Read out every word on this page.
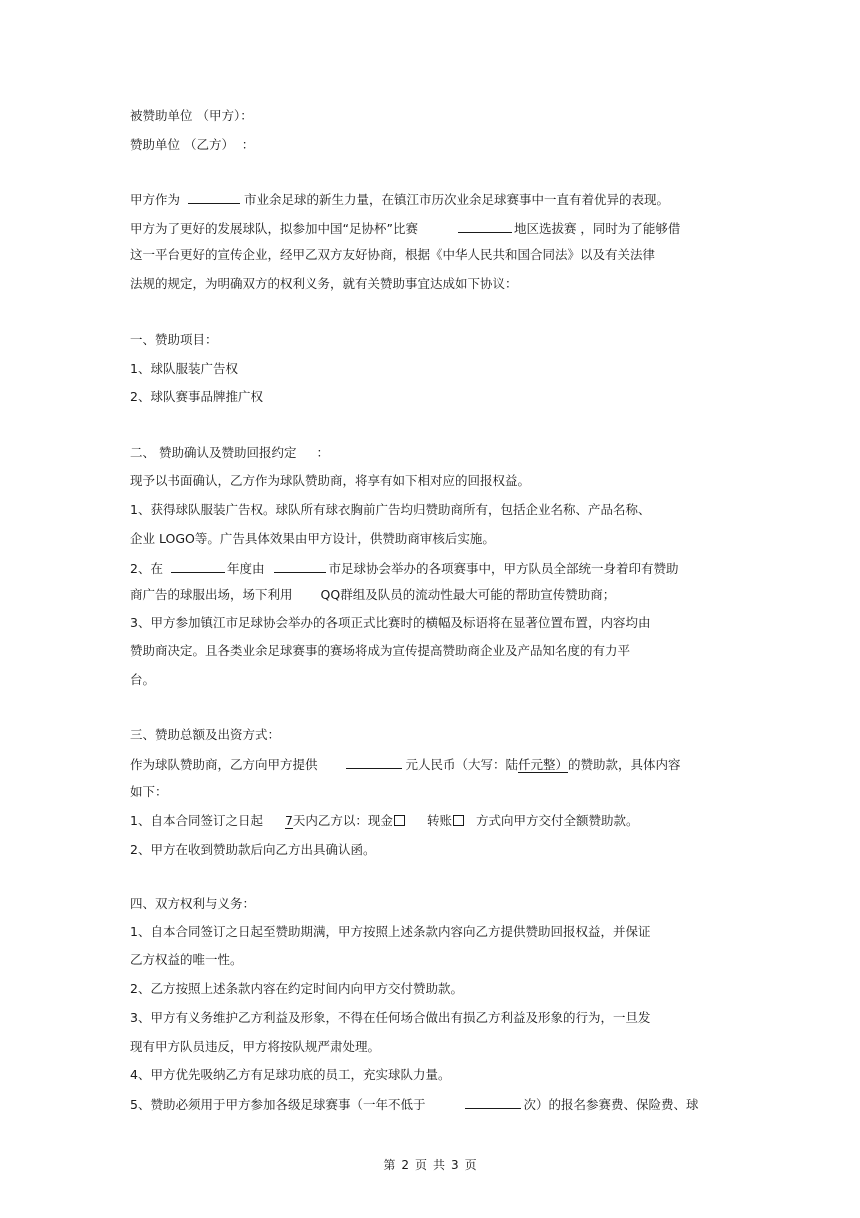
被赞助单位 （甲方）：
赞助单位 （乙方） ：
甲方作为	市业余足球的新生力量，在镇江市历次业余足球赛事中一直有着优异的表现。
甲方为了更好的发展球队，拟参加中国“足协杯”比赛	地区选拔赛 ，同时为了能够借
这一平台更好的宣传企业，经甲乙双方友好协商，根据《中华人民共和国合同法》以及有关法律
法规的规定，为明确双方的权利义务，就有关赞助事宜达成如下协议：
一、赞助项目：
1、球队服装广告权
2、球队赛事品牌推广权
二、 赞助确认及赞助回报约定 ：
现予以书面确认，乙方作为球队赞助商，将享有如下相对应的回报权益。
1、获得球队服装广告权。球队所有球衣胸前广告均归赞助商所有，包括企业名称、产品名称、
企业 LOGO等。广告具体效果由甲方设计，供赞助商审核后实施。
2、在	年度由	市足球协会举办的各项赛事中，甲方队员全部统一身着印有赞助
商广告的球服出场，场下利用 QQ群组及队员的流动性最大可能的帮助宣传赞助商；
3、甲方参加镇江市足球协会举办的各项正式比赛时的横幅及标语将在显著位置布置，内容均由
赞助商决定。且各类业余足球赛事的赛场将成为宣传提高赞助商企业及产品知名度的有力平
台。
三、赞助总额及出资方式：
作为球队赞助商，乙方向甲方提供	元人民币（大写：陆仟元整）的赞助款，具体内容
如下：
1、自本合同签订之日起 7天内乙方以：现金	转账 方式向甲方交付全额赞助款。
2、甲方在收到赞助款后向乙方出具确认函。
四、双方权利与义务：
1、自本合同签订之日起至赞助期满，甲方按照上述条款内容向乙方提供赞助回报权益，并保证
乙方权益的唯一性。
2、乙方按照上述条款内容在约定时间内向甲方交付赞助款。
3、甲方有义务维护乙方利益及形象，不得在任何场合做出有损乙方利益及形象的行为，一旦发
现有甲方队员违反，甲方将按队规严肃处理。
4、甲方优先吸纳乙方有足球功底的员工，充实球队力量。
5、赞助必须用于甲方参加各级足球赛事（一年不低于	次）的报名参赛费、保险费、球
第 2 页 共 3 页
